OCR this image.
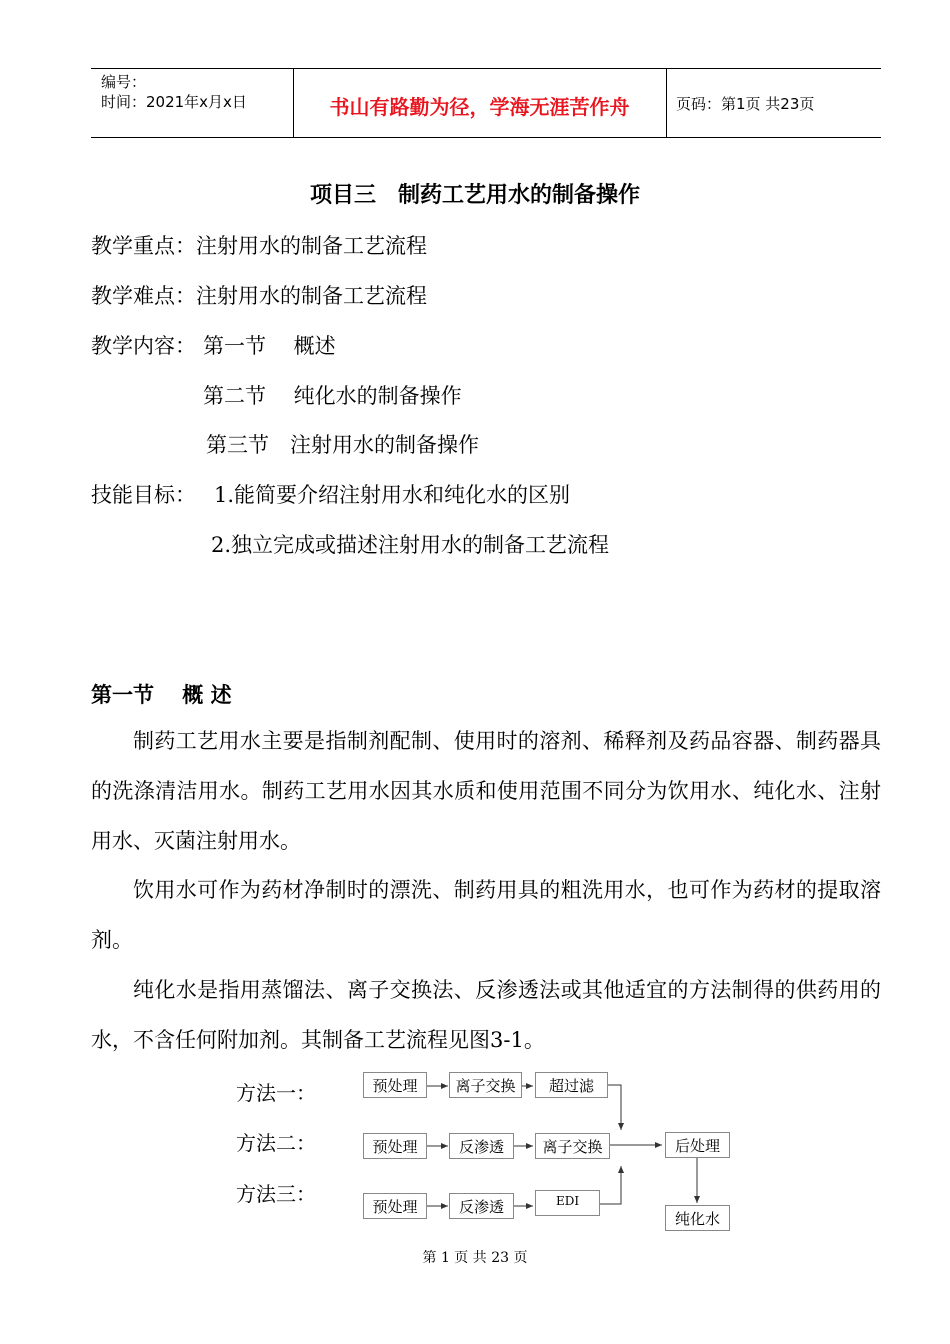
编号：
时间：2021年x月x日	书山有路勤为径，学海无涯苦作舟	页码：第1页 共23页
项目三　制药工艺用水的制备操作
教学重点：注射用水的制备工艺流程
教学难点：注射用水的制备工艺流程
教学内容： 第一节　 概述
第二节　 纯化水的制备操作
第三节　注射用水的制备操作
技能目标： 1.能简要介绍注射用水和纯化水的区别
2.独立完成或描述注射用水的制备工艺流程
第一节　 概 述
制药工艺用水主要是指制剂配制、使用时的溶剂、稀释剂及药品容器、制药器具的洗涤清洁用水。制药工艺用水因其水质和使用范围不同分为饮用水、纯化水、注射用水、灭菌注射用水。
饮用水可作为药材净制时的漂洗、制药用具的粗洗用水，也可作为药材的提取溶剂。
纯化水是指用蒸馏法、离子交换法、反渗透法或其他适宜的方法制得的供药用的水，不含任何附加剂。其制备工艺流程见图3-1。
方法一：
方法二：
方法三：
预处理	离子交换	超过滤
预处理	反渗透	离子交换
预处理	反渗透	EDI
后处理
纯化水
第 1 页 共 23 页
